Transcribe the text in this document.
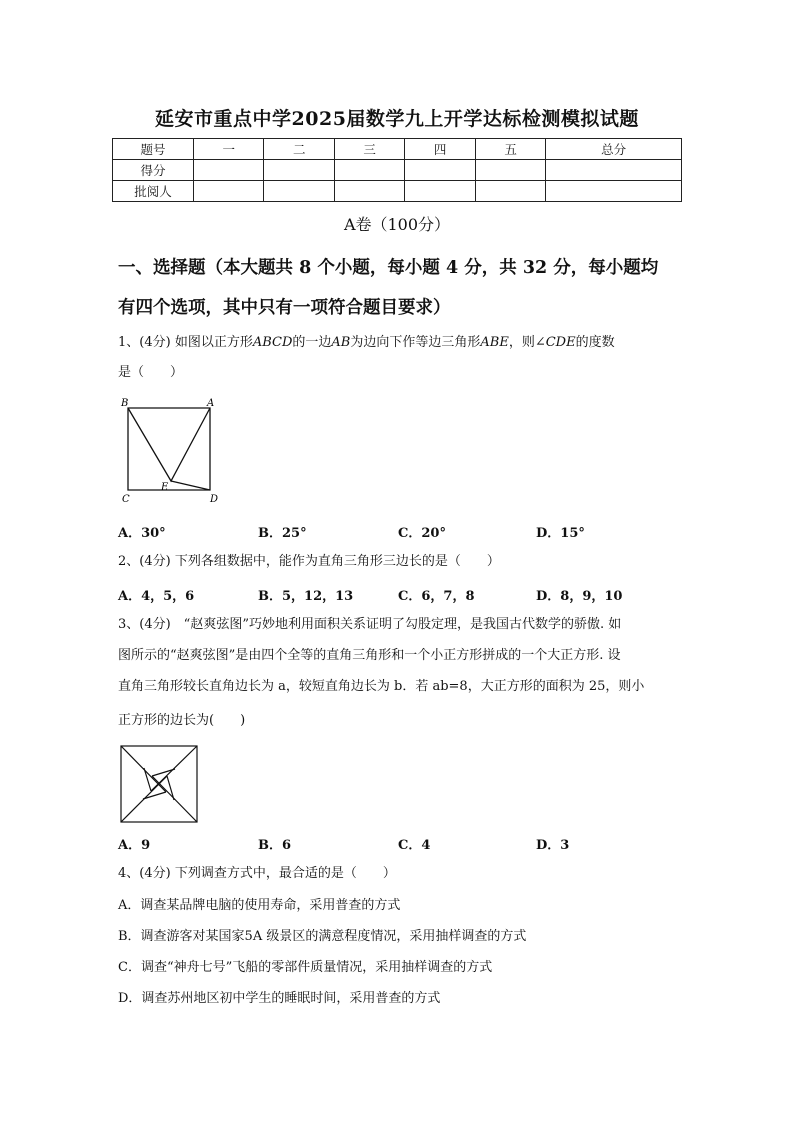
延安市重点中学2025届数学九上开学达标检测模拟试题
题号	一	二	三	四	五	总分
得分						
批阅人						
A卷（100分）
一、选择题（本大题共 8 个小题，每小题 4 分，共 32 分，每小题均
有四个选项，其中只有一项符合题目要求）
1、(4分) 如图以正方形ABCD的一边AB为边向下作等边三角形ABE，则∠CDE的度数
是（　　）
B	A
C
E
D
A．30°	B．25°	C．20°	D．15°
2、(4分) 下列各组数据中，能作为直角三角形三边长的是（　　）
A．4，5，6	B．5，12，13	C．6，7，8	D．8，9，10
3、(4分)　“赵爽弦图”巧妙地利用面积关系证明了勾股定理，是我国古代数学的骄傲. 如
图所示的“赵爽弦图”是由四个全等的直角三角形和一个小正方形拼成的一个大正方形. 设
直角三角形较长直角边长为 a，较短直角边长为 b．若 ab=8，大正方形的面积为 25，则小
正方形的边长为(　　)
A．9	B．6	C．4	D．3
4、(4分) 下列调查方式中，最合适的是（　　）
A．调查某品牌电脑的使用寿命，采用普查的方式
B．调查游客对某国家5A 级景区的满意程度情况，采用抽样调查的方式
C．调查“神舟七号”飞船的零部件质量情况，采用抽样调查的方式
D．调查苏州地区初中学生的睡眠时间，采用普查的方式
